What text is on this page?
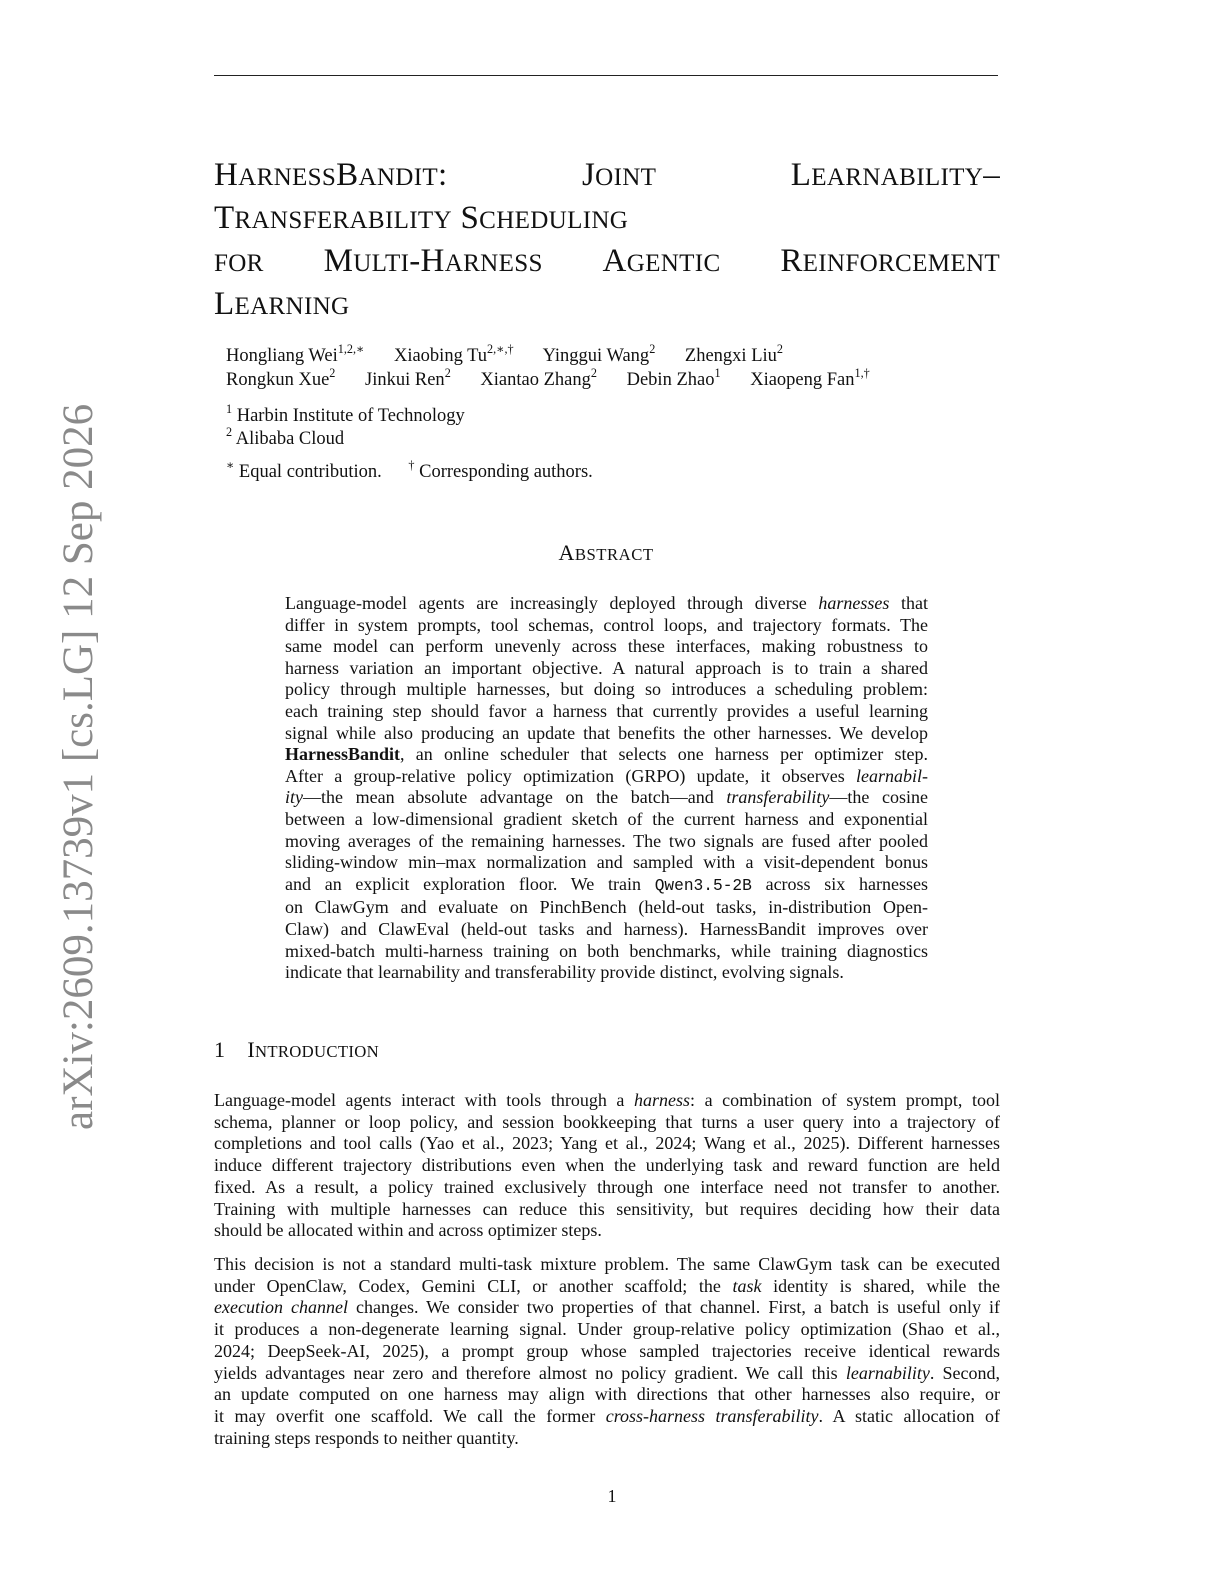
arXiv:2609.13739v1 [cs.LG] 12 Sep 2026
HARNESSBANDIT:	JOINT	LEARNABILITY–
TRANSFERABILITY SCHEDULING
FOR MULTI-HARNESS AGENTIC REINFORCEMENT
LEARNING
Hongliang Wei$^{1,2,∗}$ Xiaobing $Tu^{2,∗,\dagger}$ Yinggui Wang$^2$ Zhengxi Liu$^2$
Rongkun Xue$^2$ Jinkui Ren$^2$ Xiantao Zhang$^2$ Debin Zhao$^1$ Xiaopeng Fan$^{1,\dagger}$
$^1$ Harbin Institute of Technology
$^2$ Alibaba Cloud
∗ Equal contribution. † Corresponding authors.
ABSTRACT
Language-model agents are increasingly deployed through diverse harnesses that
differ in system prompts, tool schemas, control loops, and trajectory formats. The
same model can perform unevenly across these interfaces, making robustness to
harness variation an important objective. A natural approach is to train a shared
policy through multiple harnesses, but doing so introduces a scheduling problem:
each training step should favor a harness that currently provides a useful learning
signal while also producing an update that benefits the other harnesses. We develop
HarnessBandit, an online scheduler that selects one harness per optimizer step.
After a group-relative policy optimization (GRPO) update, it observes learnabil-
ity—the mean absolute advantage on the batch—and transferability—the cosine
between a low-dimensional gradient sketch of the current harness and exponential
moving averages of the remaining harnesses. The two signals are fused after pooled
sliding-window min–max normalization and sampled with a visit-dependent bonus
and an explicit exploration floor. We train Qwen3.5-2B across six harnesses
on ClawGym and evaluate on PinchBench (held-out tasks, in-distribution Open-
Claw) and ClawEval (held-out tasks and harness). HarnessBandit improves over
mixed-batch multi-harness training on both benchmarks, while training diagnostics
indicate that learnability and transferability provide distinct, evolving signals.
1 INTRODUCTION
Language-model agents interact with tools through a harness: a combination of system prompt, tool
schema, planner or loop policy, and session bookkeeping that turns a user query into a trajectory of
completions and tool calls (Yao et al., 2023; Yang et al., 2024; Wang et al., 2025). Different harnesses
induce different trajectory distributions even when the underlying task and reward function are held
fixed. As a result, a policy trained exclusively through one interface need not transfer to another.
Training with multiple harnesses can reduce this sensitivity, but requires deciding how their data
should be allocated within and across optimizer steps.
This decision is not a standard multi-task mixture problem. The same ClawGym task can be executed
under OpenClaw, Codex, Gemini CLI, or another scaffold; the task identity is shared, while the
execution channel changes. We consider two properties of that channel. First, a batch is useful only if
it produces a non-degenerate learning signal. Under group-relative policy optimization (Shao et al.,
2024; DeepSeek-AI, 2025), a prompt group whose sampled trajectories receive identical rewards
yields advantages near zero and therefore almost no policy gradient. We call this learnability. Second,
an update computed on one harness may align with directions that other harnesses also require, or
it may overfit one scaffold. We call the former cross-harness transferability. A static allocation of
training steps responds to neither quantity.
1
